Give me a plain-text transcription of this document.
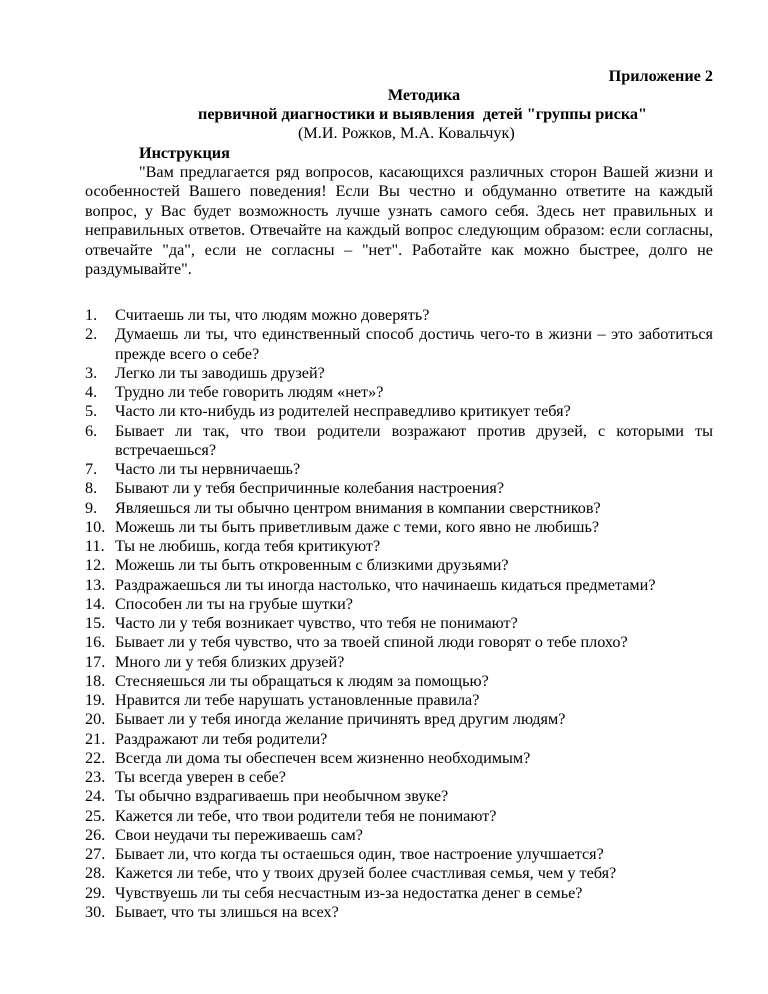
Приложение 2
Методика
первичной диагностики и выявления  детей "группы риска"
(М.И. Рожков, М.А. Ковальчук)
Инструкция
"Вам предлагается ряд вопросов, касающихся различных сторон Вашей жизни и особенностей Вашего поведения! Если Вы честно и обдуманно ответите на каждый вопрос, у Вас будет возможность лучше узнать самого себя. Здесь нет правильных и неправильных ответов. Отвечайте на каждый вопрос следующим образом: если согласны, отвечайте "да", если не согласны – "нет". Работайте как можно быстрее, долго не раздумывайте".
1. Считаешь ли ты, что людям можно доверять?
2. Думаешь ли ты, что единственный способ достичь чего-то в жизни – это заботиться прежде всего о себе?
3. Легко ли ты заводишь друзей?
4. Трудно ли тебе говорить людям «нет»?
5. Часто ли кто-нибудь из родителей несправедливо критикует тебя?
6. Бывает ли так, что твои родители возражают против друзей, с которыми ты встречаешься?
7. Часто ли ты нервничаешь?
8. Бывают ли у тебя беспричинные колебания настроения?
9. Являешься ли ты обычно центром внимания в компании сверстников?
10. Можешь ли ты быть приветливым даже с теми, кого явно не любишь?
11. Ты не любишь, когда тебя критикуют?
12. Можешь ли ты быть откровенным с близкими друзьями?
13. Раздражаешься ли ты иногда настолько, что начинаешь кидаться предметами?
14. Способен ли ты на грубые шутки?
15. Часто ли у тебя возникает чувство, что тебя не понимают?
16. Бывает ли у тебя чувство, что за твоей спиной люди говорят о тебе плохо?
17. Много ли у тебя близких друзей?
18. Стесняешься ли ты обращаться к людям за помощью?
19. Нравится ли тебе нарушать установленные правила?
20. Бывает ли у тебя иногда желание причинять вред другим людям?
21. Раздражают ли тебя родители?
22. Всегда ли дома ты обеспечен всем жизненно необходимым?
23. Ты всегда уверен в себе?
24. Ты обычно вздрагиваешь при необычном звуке?
25. Кажется ли тебе, что твои родители тебя не понимают?
26. Свои неудачи ты переживаешь сам?
27. Бывает ли, что когда ты остаешься один, твое настроение улучшается?
28. Кажется ли тебе, что у твоих друзей более счастливая семья, чем у тебя?
29. Чувствуешь ли ты себя несчастным из-за недостатка денег в семье?
30. Бывает, что ты злишься на всех?
